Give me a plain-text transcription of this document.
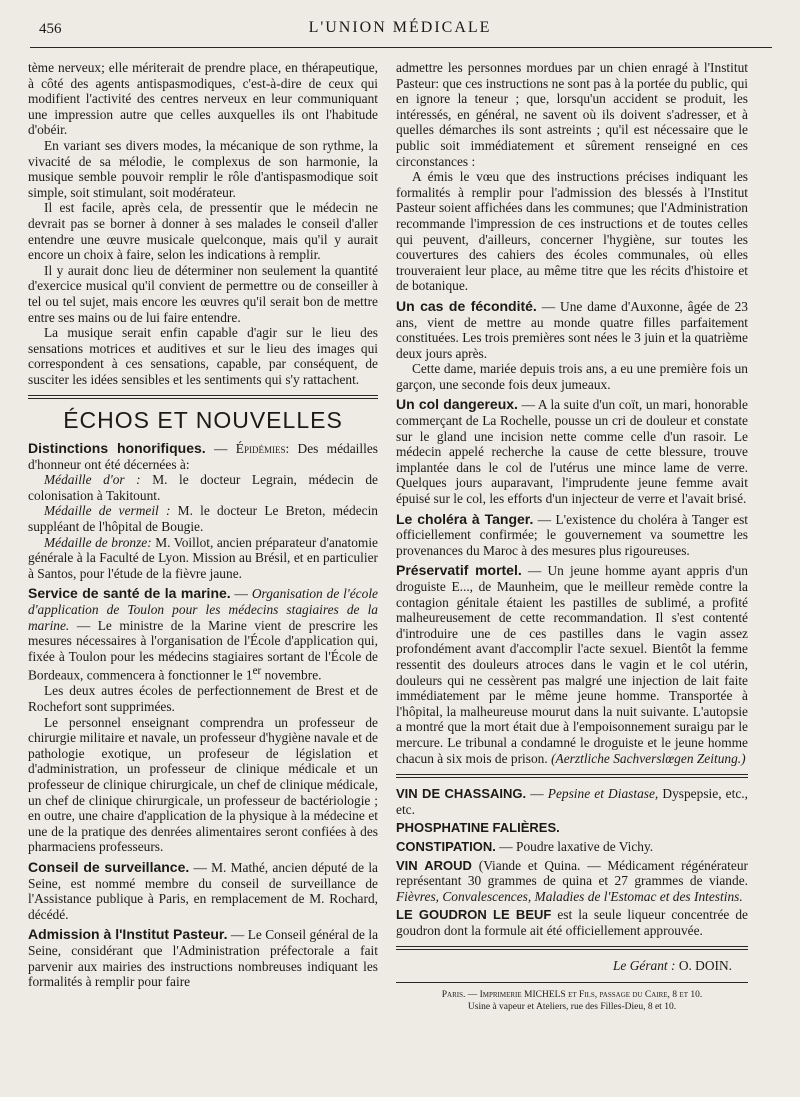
456	L'UNION MÉDICALE

tème nerveux; elle mériterait de prendre place, en thérapeutique, à côté des agents antispasmodiques, c'est-à-dire de ceux qui modifient l'activité des centres nerveux en leur communiquant une impression autre que celles auxquelles ils ont l'habitude d'obéir.

En variant ses divers modes, la mécanique de son rythme, la vivacité de sa mélodie, le complexus de son harmonie, la musique semble pouvoir remplir le rôle d'antispasmodique soit simple, soit stimulant, soit modérateur.

Il est facile, après cela, de pressentir que le médecin ne devrait pas se borner à donner à ses malades le conseil d'aller entendre une œuvre musicale quelconque, mais qu'il y aurait encore un choix à faire, selon les indications à remplir.

Il y aurait donc lieu de déterminer non seulement la quantité d'exercice musical qu'il convient de permettre ou de conseiller à tel ou tel sujet, mais encore les œuvres qu'il serait bon de mettre entre ses mains ou de lui faire entendre.

La musique serait enfin capable d'agir sur le lieu des sensations motrices et auditives et sur le lieu des images qui correspondent à ces sensations, capable, par conséquent, de susciter les idées sensibles et les sentiments qui s'y rattachent.

ÉCHOS ET NOUVELLES

Distinctions honorifiques. — Épidémies: Des médailles d'honneur ont été décernées à:

Médaille d'or : M. le docteur Legrain, médecin de colonisation à Takitount.

Médaille de vermeil : M. le docteur Le Breton, médecin suppléant de l'hôpital de Bougie.

Médaille de bronze: M. Voillot, ancien préparateur d'anatomie générale à la Faculté de Lyon. Mission au Brésil, et en particulier à Santos, pour l'étude de la fièvre jaune.

Service de santé de la marine. — Organisation de l'école d'application de Toulon pour les médecins stagiaires de la marine. — Le ministre de la Marine vient de prescrire les mesures nécessaires à l'organisation de l'École d'application qui, fixée à Toulon pour les médecins stagiaires sortant de l'École de Bordeaux, commencera à fonctionner le 1er novembre.

Les deux autres écoles de perfectionnement de Brest et de Rochefort sont supprimées.

Le personnel enseignant comprendra un professeur de chirurgie militaire et navale, un professeur d'hygiène navale et de pathologie exotique, un profeseur de législation et d'administration, un professeur de clinique médicale et un professeur de clinique chirurgicale, un chef de clinique médicale, un chef de clinique chirurgicale, un professeur de bactériologie ; en outre, une chaire d'application de la physique à la médecine et une de la pratique des denrées alimentaires seront confiées à des pharmaciens professeurs.

Conseil de surveillance. — M. Mathé, ancien député de la Seine, est nommé membre du conseil de surveillance de l'Assistance publique à Paris, en remplacement de M. Rochard, décédé.

Admission à l'Institut Pasteur. — Le Conseil général de la Seine, considérant que l'Administration préfectorale a fait parvenir aux mairies des instructions nombreuses indiquant les formalités à remplir pour faire

admettre les personnes mordues par un chien enragé à l'Institut Pasteur: que ces instructions ne sont pas à la portée du public, qui en ignore la teneur ; que, lorsqu'un accident se produit, les intéressés, en général, ne savent où ils doivent s'adresser, et à quelles démarches ils sont astreints ; qu'il est nécessaire que le public soit immédiatement et sûrement renseigné en ces circonstances :

A émis le vœu que des instructions précises indiquant les formalités à remplir pour l'admission des blessés à l'Institut Pasteur soient affichées dans les communes; que l'Administration recommande l'impression de ces instructions et de toutes celles qui peuvent, d'ailleurs, concerner l'hygiène, sur toutes les couvertures des cahiers des écoles communales, où elles trouveraient leur place, au même titre que les récits d'histoire et de botanique.

Un cas de fécondité. — Une dame d'Auxonne, âgée de 23 ans, vient de mettre au monde quatre filles parfaitement constituées. Les trois premières sont nées le 3 juin et la quatrième deux jours après.

Cette dame, mariée depuis trois ans, a eu une première fois un garçon, une seconde fois deux jumeaux.

Un col dangereux. — A la suite d'un coït, un mari, honorable commerçant de La Rochelle, pousse un cri de douleur et constate sur le gland une incision nette comme celle d'un rasoir. Le médecin appelé recherche la cause de cette blessure, trouve implantée dans le col de l'utérus une mince lame de verre. Quelques jours auparavant, l'imprudente jeune femme avait épuisé sur le col, les efforts d'un injecteur de verre et l'avait brisé.

Le choléra à Tanger. — L'existence du choléra à Tanger est officiellement confirmée; le gouvernement va soumettre les provenances du Maroc à des mesures plus rigoureuses.

Préservatif mortel. — Un jeune homme ayant appris d'un droguiste E..., de Maunheim, que le meilleur remède contre la contagion génitale étaient les pastilles de sublimé, a profité malheureusement de cette recommandation. Il s'est contenté d'introduire une de ces pastilles dans le vagin assez profondément avant d'accomplir l'acte sexuel. Bientôt la femme ressentit des douleurs atroces dans le vagin et le col utérin, douleurs qui ne cessèrent pas malgré une injection de lait faite immédiatement par le même jeune homme. Transportée à l'hôpital, la malheureuse mourut dans la nuit suivante. L'autopsie a montré que la mort était due à l'empoisonnement suraigu par le mercure. Le tribunal a condamné le droguiste et le jeune homme chacun à six mois de prison. (Aerztliche Sachverslœgen Zeitung.)

VIN DE CHASSAING. — Pepsine et Diastase, Dyspepsie, etc., etc.

PHOSPHATINE FALIÈRES.

CONSTIPATION. — Poudre laxative de Vichy.

VIN AROUD (Viande et Quina. — Médicament régénérateur représentant 30 grammes de quina et 27 grammes de viande. Fièvres, Convalescences, Maladies de l'Estomac et des Intestins.

LE GOUDRON LE BEUF est la seule liqueur concentrée de goudron dont la formule ait été officiellement approuvée.

Le Gérant : O. DOIN.
Paris. — Imprimerie MICHELS et Fils, passage du Caire, 8 et 10.
Usine à vapeur et Ateliers, rue des Filles-Dieu, 8 et 10.
